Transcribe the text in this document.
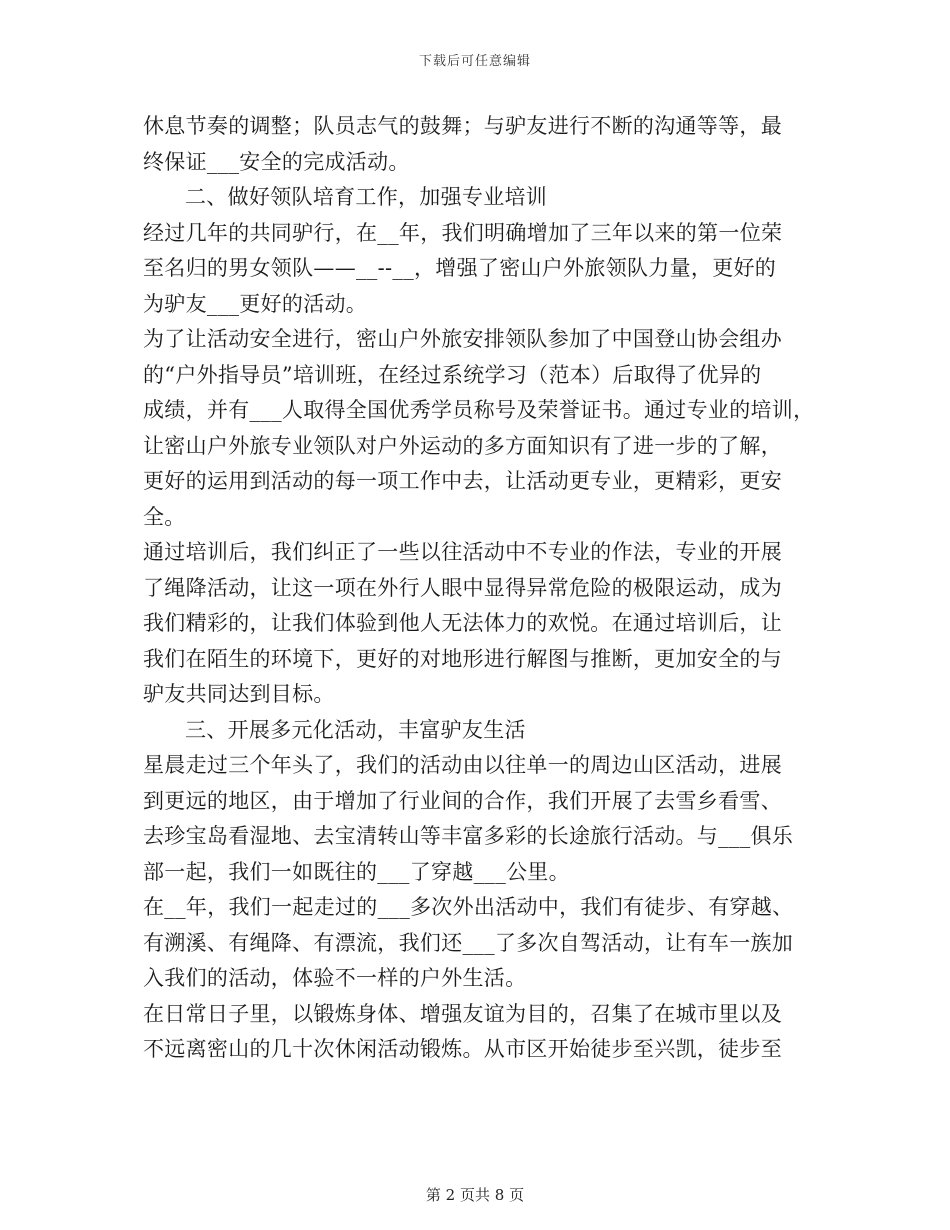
下载后可任意编辑
休息节奏的调整；队员志气的鼓舞；与驴友进行不断的沟通等等，最
终保证___安全的完成活动。
二、做好领队培育工作，加强专业培训
经过几年的共同驴行，在__年，我们明确增加了三年以来的第一位荣
至名归的男女领队——__--__，增强了密山户外旅领队力量，更好的
为驴友___更好的活动。
为了让活动安全进行，密山户外旅安排领队参加了中国登山协会组办
的“户外指导员”培训班，在经过系统学习（范本）后取得了优异的
成绩，并有___人取得全国优秀学员称号及荣誉证书。通过专业的培训，
让密山户外旅专业领队对户外运动的多方面知识有了进一步的了解，
更好的运用到活动的每一项工作中去，让活动更专业，更精彩，更安
全。
通过培训后，我们纠正了一些以往活动中不专业的作法，专业的开展
了绳降活动，让这一项在外行人眼中显得异常危险的极限运动，成为
我们精彩的，让我们体验到他人无法体力的欢悦。在通过培训后，让
我们在陌生的环境下，更好的对地形进行解图与推断，更加安全的与
驴友共同达到目标。
三、开展多元化活动，丰富驴友生活
星晨走过三个年头了，我们的活动由以往单一的周边山区活动，进展
到更远的地区，由于增加了行业间的合作，我们开展了去雪乡看雪、
去珍宝岛看湿地、去宝清转山等丰富多彩的长途旅行活动。与___俱乐
部一起，我们一如既往的___了穿越___公里。
在__年，我们一起走过的___多次外出活动中，我们有徒步、有穿越、
有溯溪、有绳降、有漂流，我们还___了多次自驾活动，让有车一族加
入我们的活动，体验不一样的户外生活。
在日常日子里，以锻炼身体、增强友谊为目的，召集了在城市里以及
不远离密山的几十次休闲活动锻炼。从市区开始徒步至兴凯，徒步至
第 2 页共 8 页
